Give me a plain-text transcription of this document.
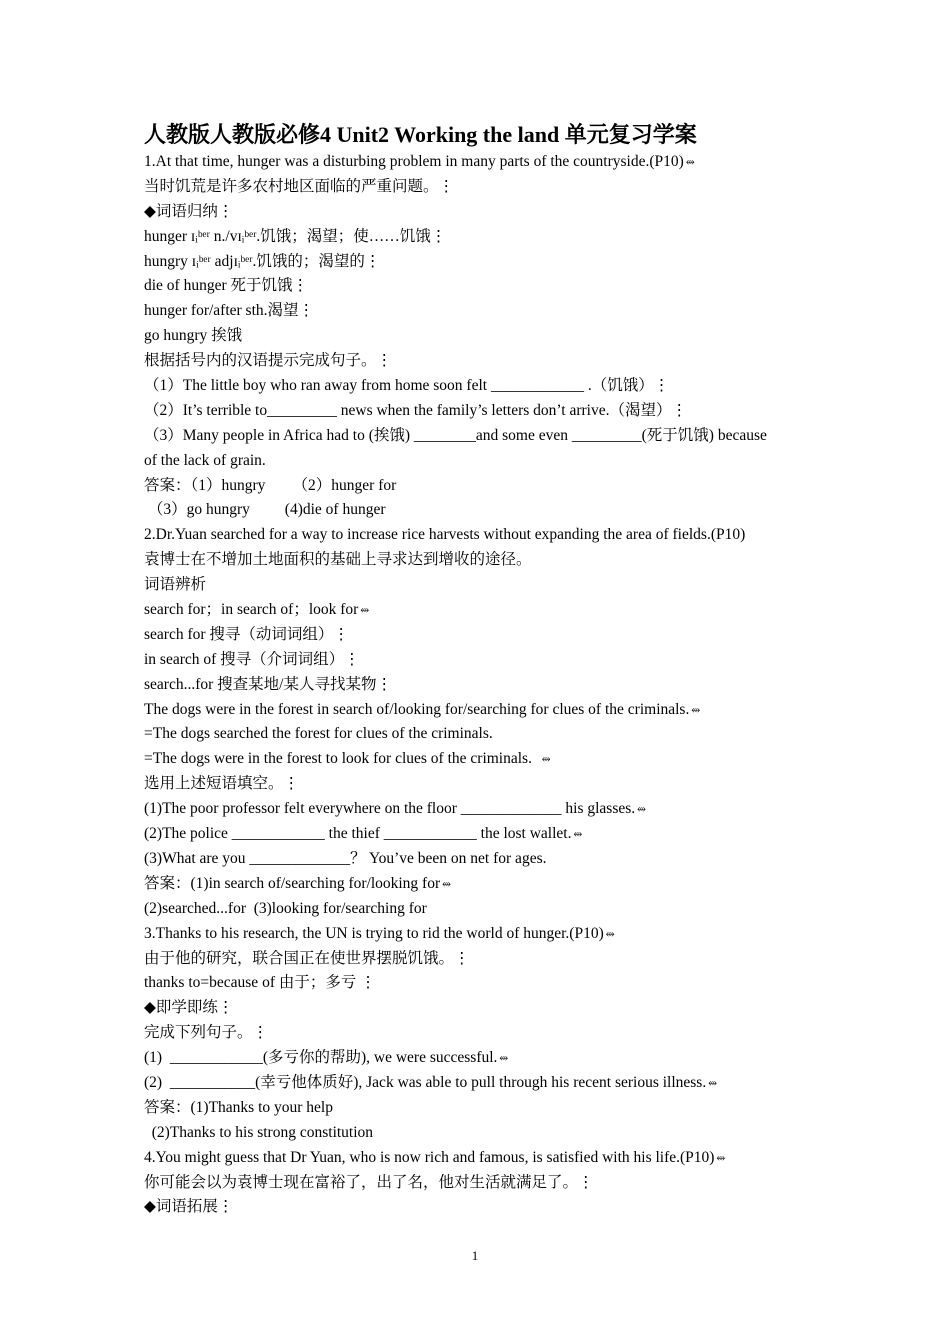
人教版人教版必修4 Unit2 Working the land 单元复习学案
1.At that time, hunger was a disturbing problem in many parts of the countryside.(P10) ⥈
当时饥荒是许多农村地区面临的严重问题。⋮
◆词语归纳⋮
hunger ɪᵢᵇᵉʳ n./vɪᵢᵇᵉʳ.饥饿；渴望；使……饥饿⋮
hungry ɪᵢᵇᵉʳ adjɪᵢᵇᵉʳ.饥饿的；渴望的⋮
die of hunger 死于饥饿⋮
hunger for/after sth.渴望⋮
go hungry 挨饿
根据括号内的汉语提示完成句子。⋮
（1）The little boy who ran away from home soon felt ____________ .（饥饿）⋮
（2）It’s terrible to_________ news when the family’s letters don’t arrive.（渴望）⋮
（3）Many people in Africa had to (挨饿) ________and some even _________(死于饥饿) because
of the lack of grain.
答案：（1）hungry       （2）hunger for
（3）go hungry         (4)die of hunger
2.Dr.Yuan searched for a way to increase rice harvests without expanding the area of fields.(P10)
袁博士在不增加土地面积的基础上寻求达到增收的途径。
词语辨析
search for；in search of；look for ⥈
search for 搜寻（动词词组）⋮
in search of 搜寻（介词词组）⋮
search...for 搜查某地/某人寻找某物⋮
The dogs were in the forest in search of/looking for/searching for clues of the criminals. ⥈
=The dogs searched the forest for clues of the criminals.
=The dogs were in the forest to look for clues of the criminals.  ⥈
选用上述短语填空。⋮
(1)The poor professor felt everywhere on the floor _____________ his glasses. ⥈
(2)The police ____________ the thief ____________ the lost wallet. ⥈
(3)What are you _____________？ You’ve been on net for ages.
答案：(1)in search of/searching for/looking for ⥈
(2)searched...for  (3)looking for/searching for
3.Thanks to his research, the UN is trying to rid the world of hunger.(P10) ⥈
由于他的研究，联合国正在使世界摆脱饥饿。⋮
thanks to=because of 由于；多亏 ⋮
◆即学即练⋮
完成下列句子。⋮
(1)  ____________(多亏你的帮助), we were successful. ⥈
(2)  ___________(幸亏他体质好), Jack was able to pull through his recent serious illness. ⥈
答案：(1)Thanks to your help
(2)Thanks to his strong constitution
4.You might guess that Dr Yuan, who is now rich and famous, is satisfied with his life.(P10) ⥈
你可能会以为袁博士现在富裕了，出了名，他对生活就满足了。⋮
◆词语拓展⋮
1
